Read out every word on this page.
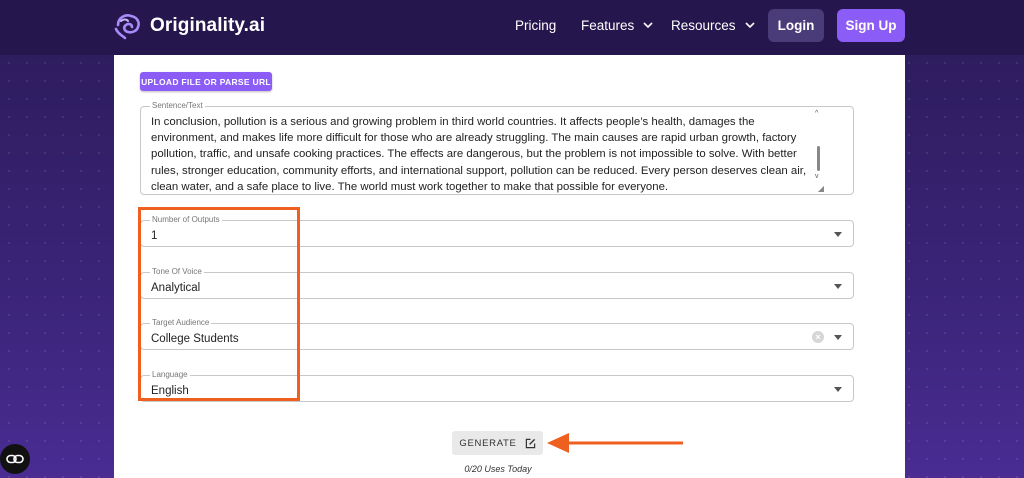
Originality.ai	Pricing Features	Resources	Login	Sign Up
UPLOAD FILE OR PARSE URL
Sentence/Text
In conclusion, pollution is a serious and growing problem in third world countries. It affects people’s health, damages the environment, and makes life more difficult for those who are already struggling. The main causes are rapid urban growth, factory pollution, traffic, and unsafe cooking practices. The effects are dangerous, but the problem is not impossible to solve. With better rules, stronger education, community efforts, and international support, pollution can be reduced. Every person deserves clean air, clean water, and a safe place to live. The world must work together to make that possible for everyone.
^
v
◢
Number of Outputs
1
Tone Of Voice
Analytical
Target Audience
College Students	×
Language
English
GENERATE
0/20 Uses Today
